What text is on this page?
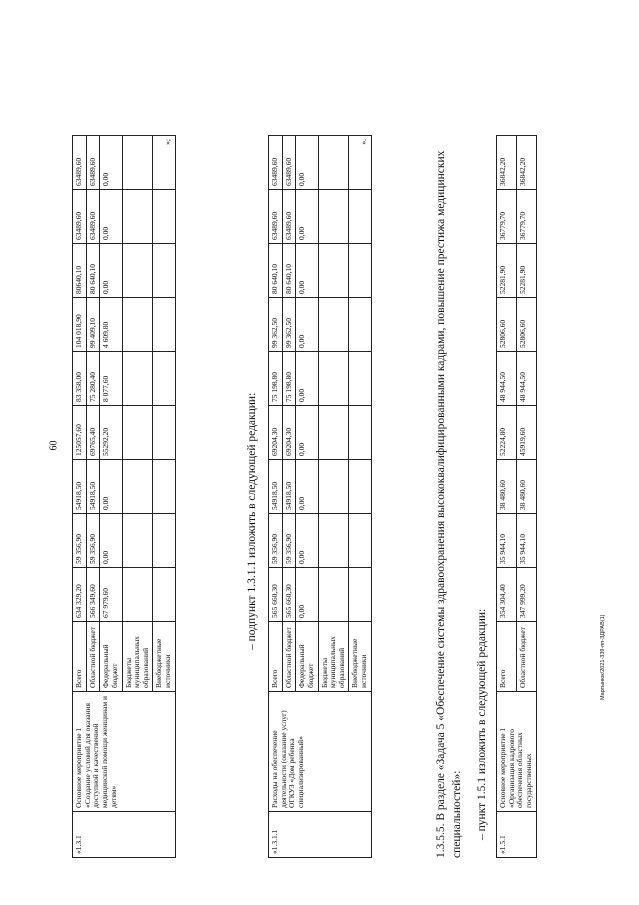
60
Мартынюк/2021-339-пп-ЗДРАВ(1)
«1.3.1	Основное мероприятие 1 «Создание условий для оказания доступной и качественной медицинской помощи женщинам и детям»	Всего	634 329,20	59 356,90	54918,50	125057,60	83 358,00	104 018,90	80640,10	63489,60	63489,60
		Областной бюджет	566 349,60	59 356,90	54918,50	69765,40	75 280,40	99 409,10	80 640,10	63489,60	63489,60
		Федеральный бюджет	67 979,60	0,00	0,00	55292,20	8 077,60	4 609,80	0,00	0,00	0,00
		Бюджеты муниципальных образований									
		Внебюджетные источники									»;
– подпункт 1.3.1.1 изложить в следующей редакции:
«1.3.1.1	Расходы на обеспечение деятельности (оказание услуг) ОГКУЗ «Дом ребенка специализированный»	Всего	565 660,30	59 356,90	54918,50	69204,30	75 198,80	99 362,50	80 640,10	63489,60	63489,60
		Областной бюджет	565 660,30	59 356,90	54918,50	69204,30	75 198,80	99 362,50	80 640,10	63489,60	63489,60
		Федеральный бюджет	0,00	0,00	0,00	0,00	0,00	0,00	0,00	0,00	0,00
		Бюджеты муниципальных образований									
		Внебюджетные источники									».
1.3.5.5. В разделе «Задача 5 «Обеспечение системы здравоохранения высококвалифицированными кадрами, повышение престижа медицинских специальностей»: – пункт 1.5.1 изложить в следующей редакции:
«1.5.1	Основное мероприятие 1 «Организация кадрового обеспечения областных государственных	Всего	354 304,40	35 944,10	38 480,60	52224,80	48 944,50	52806,60	52281,90	36779,70	36842,20
		Областной бюджет	347 999,20	35 944,10	38 480,60	45919,60	48 944,50	52806,60	52281,90	36779,70	36842,20
